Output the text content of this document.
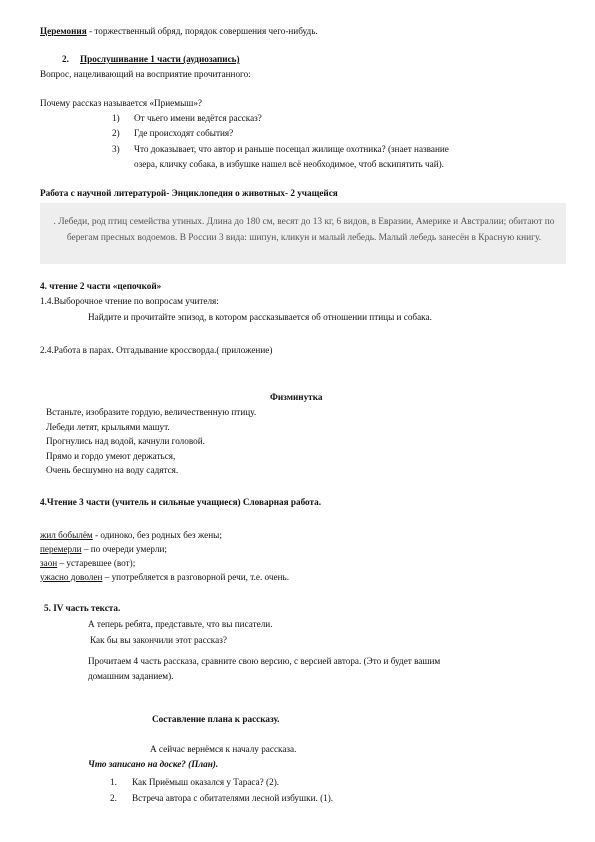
Церемония - торжественный обряд, порядок совершения чего-нибудь.
2. Прослушивание 1 части (аудиозапись)
Вопрос, нацеливающий на восприятие прочитанного:
Почему рассказ называется «Приемыш»?
1) От чьего имени ведётся рассказ?
2) Где происходят события?
3) Что доказывает, что автор и раньше посещал жилище охотника? (знает название
озера, кличку собака, в избушке нашел всё необходимое, чтоб вскипятить чай).
Работа с научной литературой- Энциклопедия о животных- 2 учащейся
. Лебеди, род птиц семейства утиных. Длина до 180 см, весят до 13 кг, 6 видов, в Евразии, Америке и Австралии; обитают по берегам пресных водоемов. В России 3 вида: шипун, кликун и малый лебедь. Малый лебедь занесён в Красную книгу.
4. чтение 2 части «цепочкой»
1.4.Выборочное чтение по вопросам учителя:
Найдите и прочитайте эпизод, в котором рассказывается об отношении птицы и собака.
2.4.Работа в парах. Отгадывание кроссворда.( приложение)
Физминутка
Встаньте, изобразите гордую, величественную птицу.
Лебеди летят, крыльями машут.
Прогнулись над водой, качнули головой.
Прямо и гордо умеют держаться,
Очень бесшумно на воду садятся.
4.Чтение 3 части (учитель и сильные учащиеся) Словарная работа.
жил бобылём - одиноко, без родных без жены;
перемерли – по очереди умерли;
заон – устаревшее (вот);
ужасно доволен – употребляется в разговорной речи, т.е. очень.
5. IV часть текста.
А теперь ребята, представьте, что вы писатели.
Как бы вы закончили этот рассказ?
Прочитаем 4 часть рассказа, сравните свою версию, с версией автора. (Это и будет вашим
домашним заданием).
Составление плана к рассказу.
А сейчас вернёмся к началу рассказа.
Что записано на доске? (План).
1. Как Приёмыш оказался у Тараса? (2).
2. Встреча автора с обитателями лесной избушки. (1).
